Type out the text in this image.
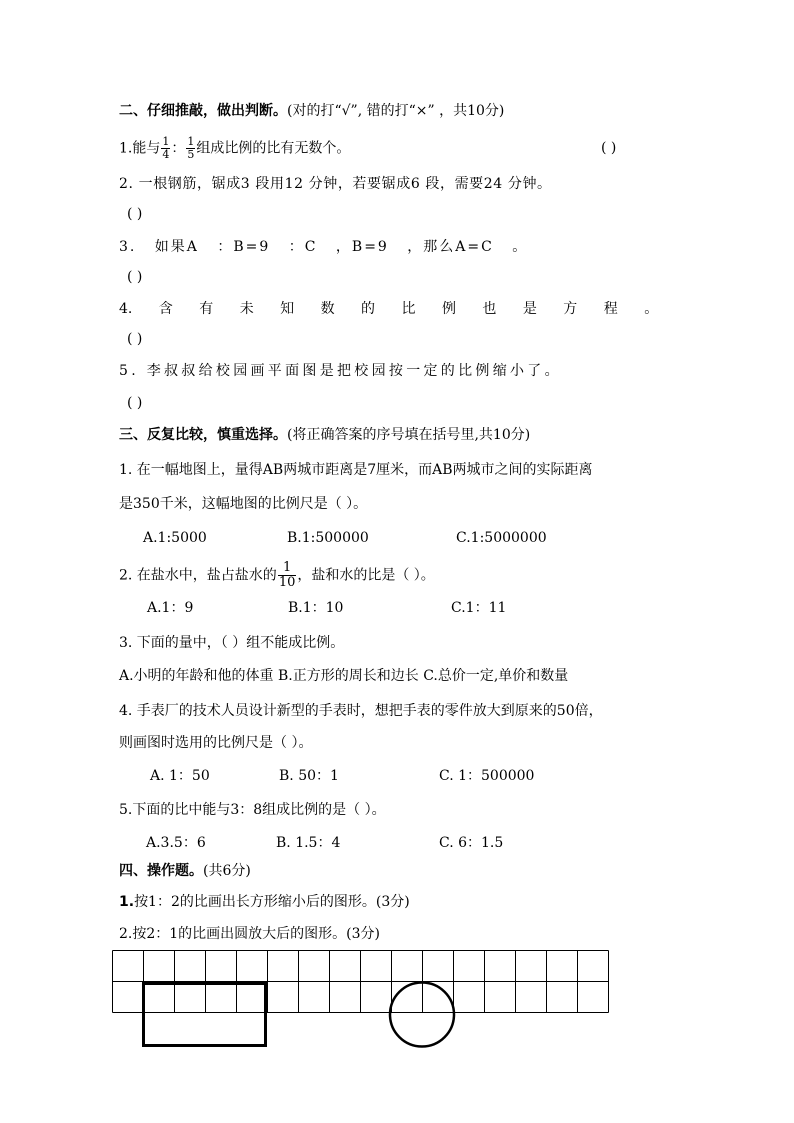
二、仔细推敲，做出判断。(对的打“√”, 错的打“×” ，共10分)
1.能与 $\frac{1}{4}$ ： $\frac{1}{5}$ 组成比例的比有无数个。	( )
2. 一根钢筋，锯成3 段用12 分钟，若要锯成6 段，需要24 分钟。
( )
3. 如果A ：B=9 ：C ，B=9 ，那么A=C 。
( )
4. 含 有 未 知 数 的 比 例 也 是 方 程 。
( )
5. 李叔叔给校园画平面图是把校园按一定的比例缩小了。
( )
三、反复比较，慎重选择。(将正确答案的序号填在括号里,共10分)
1. 在一幅地图上，量得AB两城市距离是7厘米，而AB两城市之间的实际距离
是350千米，这幅地图的比例尺是（ ）。
A.1:5000	B.1:500000	C.1:5000000
2. 在盐水中，盐占盐水的 $\frac{1}{10}$ ，盐和水的比是（ ）。
A.1：9	B.1：10	C.1：11
3. 下面的量中，（ ）组不能成比例。
A.小明的年龄和他的体重 B.正方形的周长和边长 C.总价一定,单价和数量
4. 手表厂的技术人员设计新型的手表时，想把手表的零件放大到原来的50倍，
则画图时选用的比例尺是（ ）。
A. 1：50	B. 50：1	C. 1：500000
5.下面的比中能与3：8组成比例的是（ ）。
A.3.5：6	B. 1.5：4	C. 6：1.5
四、操作题。(共6分)
1.按1：2的比画出长方形缩小后的图形。(3分)
2.按2：1的比画出圆放大后的图形。(3分)
